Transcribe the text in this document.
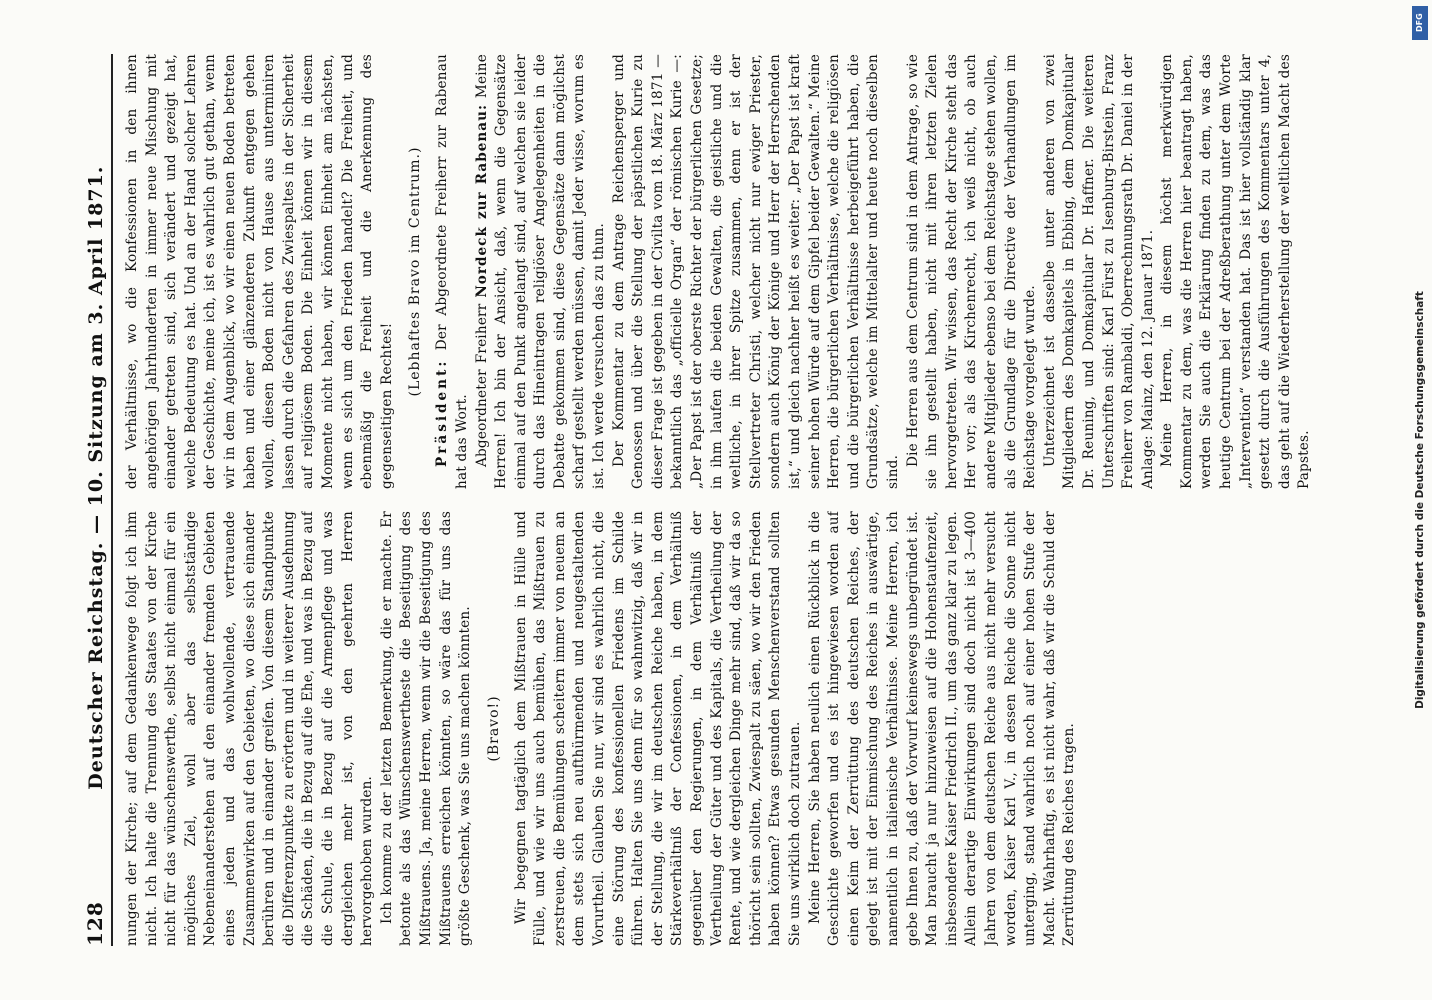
128
Deutscher Reichstag. — 10. Sitzung am 3. April 1871. nungen der Kirche; auf dem Gedankenwege folgt ich ihm nicht. Ich halte die Trennung des Staates von der Kirche nicht für das wünschenswerthe, selbst nicht einmal für ein mögliches Ziel, wohl aber das selbstständige Nebeneinanderstehen auf den einander fremden Gebieten eines jeden und das wohlwollende, vertrauende Zusammenwirken auf den Gebieten, wo diese sich einander berühren und in einander greifen. Von diesem Standpunkte die Differenzpunkte zu erörtern und in weiterer Ausdehnung die Schäden, die in Bezug auf die Ehe, und was in Bezug auf die Schule, die in Bezug auf die Armenpflege und was dergleichen mehr ist, von den geehrten Herren hervorgehoben wurden. Ich komme zu der letzten Bemerkung, die er machte. Er betonte als das Wünschenswertheste die Beseitigung des Mißtrauens. Ja, meine Herren, wenn wir die Beseitigung des Mißtrauens erreichen könnten, so wäre das für uns das größte Geschenk, was Sie uns machen könnten. (Bravo!) Wir begegnen tagtäglich dem Mißtrauen in Hülle und Fülle, und wie wir uns auch bemühen, das Mißtrauen zu zerstreuen, die Bemühungen scheitern immer von neuem an dem stets sich neu aufthürmenden und neugestaltenden Vorurtheil. Glauben Sie nur, wir sind es wahrlich nicht, die eine Störung des konfessionellen Friedens im Schilde führen. Halten Sie uns denn für so wahnwitzig, daß wir in der Stellung, die wir im deutschen Reiche haben, in dem Stärkeverhältniß der Confessionen, in dem Verhältniß gegenüber den Regierungen, in dem Verhältniß der Vertheilung der Güter und des Kapitals, die Vertheilung der Rente, und wie dergleichen Dinge mehr sind, daß wir da so thöricht sein sollten, Zwiespalt zu säen, wo wir den Frieden haben können? Etwas gesunden Menschenverstand sollten Sie uns wirklich doch zutrauen. Meine Herren, Sie haben neulich einen Rückblick in die Geschichte geworfen und es ist hingewiesen worden auf einen Keim der Zerrüttung des deutschen Reiches, der gelegt ist mit der Einmischung des Reiches in auswärtige, namentlich in italienische Verhältnisse. Meine Herren, ich gebe Ihnen zu, daß der Vorwurf keineswegs unbegründet ist. Man braucht ja nur hinzuweisen auf die Hohenstaufenzeit, insbesondere Kaiser Friedrich II., um das ganz klar zu legen. Allein derartige Einwirkungen sind doch nicht ist 3—400 Jahren von dem deutschen Reiche aus nicht mehr versucht worden, Kaiser Karl V., in dessen Reiche die Sonne nicht unterging, stand wahrlich noch auf einer hohen Stufe der Macht. Wahrhaftig, es ist nicht wahr, daß wir die Schuld der Zerrüttung des Reiches tragen.

der Verhältnisse, wo die Konfessionen in den ihnen angehörigen Jahrhunderten in immer neue Mischung mit einander getreten sind, sich verändert und gezeigt hat, welche Bedeutung es hat. Und an der Hand solcher Lehren der Geschichte, meine ich, ist es wahrlich gut gethan, wenn wir in dem Augenblick, wo wir einen neuen Boden betreten haben und einer glänzenderen Zukunft entgegen gehen wollen, diesen Boden nicht von Hause aus unterminiren lassen durch die Gefahren des Zwiespaltes in der Sicherheit auf religiösem Boden. Die Einheit können wir in diesem Momente nicht haben, wir können Einheit am nächsten, wenn es sich um den Frieden handelt? Die Freiheit, und ebenmäßig die Freiheit und die Anerkennung des gegenseitigen Rechtes!

(Lebhaftes Bravo im Centrum.)

Präsident: Der Abgeordnete Freiherr zur Rabenau hat das Wort. Abgeordneter Freiherr Nordeck zur Rabenau: Meine Herren! Ich bin der Ansicht, daß, wenn die Gegensätze einmal auf den Punkt angelangt sind, auf welchen sie leider durch das Hineintragen religiöser Angelegenheiten in die Debatte gekommen sind, diese Gegensätze dann möglichst scharf gestellt werden müssen, damit Jeder wisse, worum es ist. Ich werde versuchen das zu thun. Der Kommentar zu dem Antrage Reichensperger und Genossen und über die Stellung der päpstlichen Kurie zu dieser Frage ist gegeben in der Civilta vom 18. März 1871 — bekanntlich das „officielle Organ“ der römischen Kurie —: „Der Papst ist der oberste Richter der bürgerlichen Gesetze; in ihm laufen die beiden Gewalten, die geistliche und die weltliche, in ihrer Spitze zusammen, denn er ist der Stellvertreter Christi, welcher nicht nur ewiger Priester, sondern auch König der Könige und Herr der Herrschenden ist,“ und gleich nachher heißt es weiter: „Der Papst ist kraft seiner hohen Würde auf dem Gipfel beider Gewalten.“ Meine Herren, die bürgerlichen Verhältnisse, welche die religiösen und die bürgerlichen Verhältnisse herbeigeführt haben, die Grundsätze, welche im Mittelalter und heute noch dieselben sind.

Die Herren aus dem Centrum sind in dem Antrage, so wie sie ihn gestellt haben, nicht mit ihren letzten Zielen hervorgetreten. Wir wissen, das Recht der Kirche steht das Her vor; als das Kirchenrecht, ich weiß nicht, ob auch andere Mitglieder ebenso bei dem Reichstage stehen wollen, als die Grundlage für die Directive der Verhandlungen im Reichstage vorgelegt wurde. Unterzeichnet ist dasselbe unter anderen von zwei Mitgliedern des Domkapitels in Ebbing, dem Domkapitular Dr. Reuning, und Domkapitular Dr. Haffner. Die weiteren Unterschriften sind: Karl Fürst zu Isenburg-Birstein, Franz Freiherr von Rambaldi, Oberrechnungsrath Dr. Daniel in der Anlage: Mainz, den 12. Januar 1871. Meine Herren, in diesem höchst merkwürdigen Kommentar zu dem, was die Herren hier beantragt haben, werden Sie auch die Erklärung finden zu dem, was das heutige Centrum bei der Adreßberathung unter dem Worte „Intervention“ verstanden hat. Das ist hier vollständig klar gesetzt durch die Ausführungen des Kommentars unter 4, das geht auf die Wiederherstellung der weltlichen Macht des Papstes.

DFG
Digitalisierung gefördert durch die Deutsche Forschungsgemeinschaft
